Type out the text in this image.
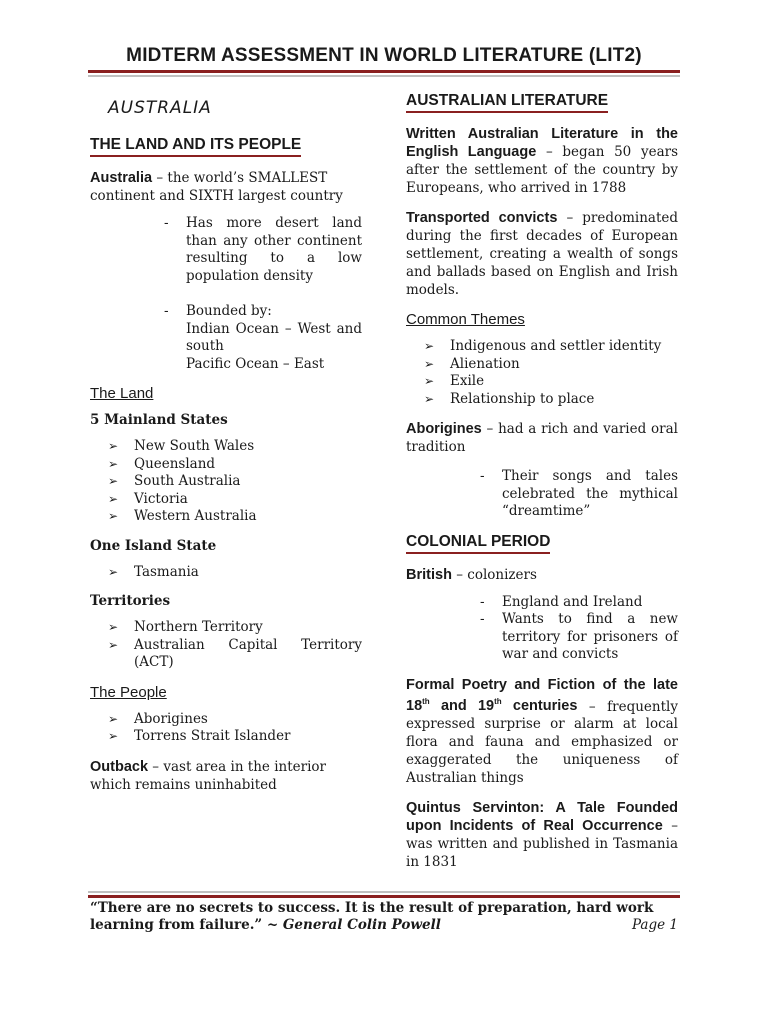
MIDTERM ASSESSMENT IN WORLD LITERATURE (LIT2)
AUSTRALIA
THE LAND AND ITS PEOPLE

Australia – the world’s SMALLEST continent and SIXTH largest country

- Has more desert land than any other continent resulting to a low population density
- Bounded by:
Indian Ocean – West and south
Pacific Ocean – East
The Land
5 Mainland States
➢ New South Wales
➢ Queensland
➢ South Australia
➢ Victoria
➢ Western Australia
One Island State
➢ Tasmania
Territories
➢ Northern Territory
➢ Australian Capital Territory (ACT)
The People
➢ Aborigines
➢ Torrens Strait Islander

Outback – vast area in the interior which remains uninhabited

AUSTRALIAN LITERATURE

Written Australian Literature in the English Language – began 50 years after the settlement of the country by Europeans, who arrived in 1788

Transported convicts – predominated during the first decades of European settlement, creating a wealth of songs and ballads based on English and Irish models.

Common Themes
➢ Indigenous and settler identity
➢ Alienation
➢ Exile
➢ Relationship to place

Aborigines – had a rich and varied oral tradition

- Their songs and tales celebrated the mythical “dreamtime”
COLONIAL PERIOD

British – colonizers

- England and Ireland
- Wants to find a new territory for prisoners of war and convicts

Formal Poetry and Fiction of the late 18th and 19th centuries – frequently expressed surprise or alarm at local flora and fauna and emphasized or exaggerated the uniqueness of Australian things

Quintus Servinton: A Tale Founded upon Incidents of Real Occurrence – was written and published in Tasmania in 1831

“There are no secrets to success. It is the result of preparation, hard work learning from failure.” ~ General Colin Powell	Page 1
